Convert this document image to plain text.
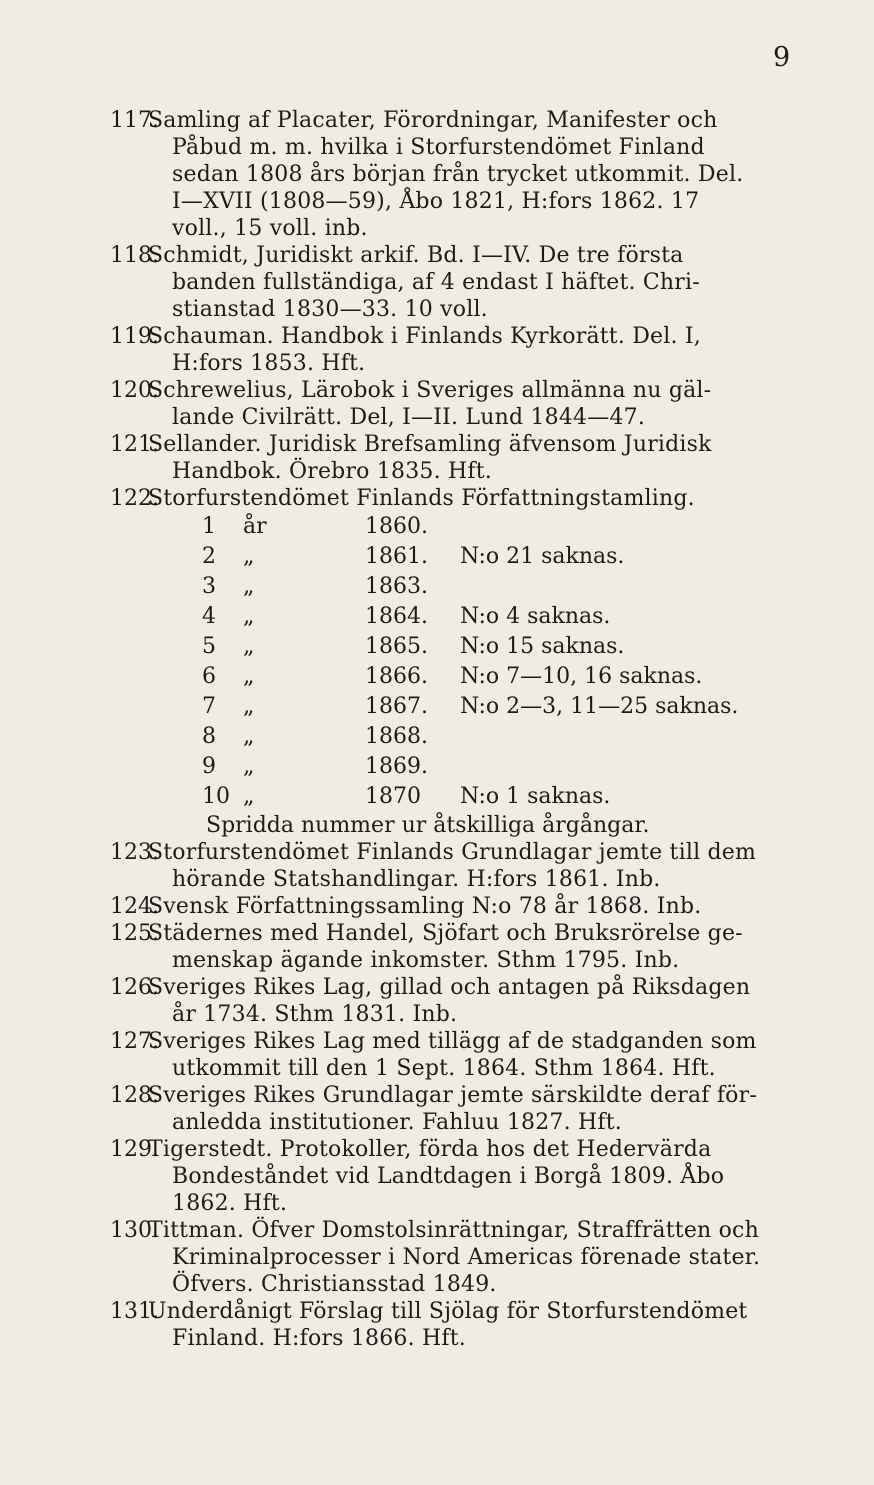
9
117.
Samling af Placater, Förordningar, Manifester och
Påbud m. m. hvilka i Storfurstendömet Finland
sedan 1808 års början från trycket utkommit. Del.
I—XVII (1808—59), Åbo 1821, H:fors 1862. 17
voll., 15 voll. inb.
118.
Schmidt, Juridiskt arkif. Bd. I—IV. De tre första
banden fullständiga, af 4 endast I häftet. Chri-
stianstad 1830—33. 10 voll.
119.
Schauman. Handbok i Finlands Kyrkorätt. Del. I,
H:fors 1853. Hft.
120.
Schrewelius, Lärobok i Sveriges allmänna nu gäl-
lande Civilrätt. Del, I—II. Lund 1844—47.
121.
Sellander. Juridisk Brefsamling äfvensom Juridisk
Handbok. Örebro 1835. Hft.
122.
Storfurstendömet Finlands Författningstamling.
1 år	1860.
2 „	1861. N:o 21 saknas.
3 „	1863.
4 „	1864. N:o 4 saknas.
5 „	1865. N:o 15 saknas.
6 „	1866. N:o 7—10, 16 saknas.
7 „	1867. N:o 2—3, 11—25 saknas.
8 „	1868.
9 „	1869.
10 „	1870 N:o 1 saknas.
Spridda nummer ur åtskilliga årgångar.
123.
Storfurstendömet Finlands Grundlagar jemte till dem
hörande Statshandlingar. H:fors 1861. Inb.
124.
Svensk Författningssamling N:o 78 år 1868. Inb.
125.
Städernes med Handel, Sjöfart och Bruksrörelse ge-
menskap ägande inkomster. Sthm 1795. Inb.
126.
Sveriges Rikes Lag, gillad och antagen på Riksdagen
år 1734. Sthm 1831. Inb.
127.
Sveriges Rikes Lag med tillägg af de stadganden som
utkommit till den 1 Sept. 1864. Sthm 1864. Hft.
128.
Sveriges Rikes Grundlagar jemte särskildte deraf för-
anledda institutioner. Fahluu 1827. Hft.
129.
Tigerstedt. Protokoller, förda hos det Hedervärda
Bondeståndet vid Landtdagen i Borgå 1809. Åbo
1862. Hft.
130.
Tittman. Öfver Domstolsinrättningar, Straffrätten och
Kriminalprocesser i Nord Americas förenade stater.
Öfvers. Christiansstad 1849.
131.
Underdånigt Förslag till Sjölag för Storfurstendömet
Finland. H:fors 1866. Hft.
